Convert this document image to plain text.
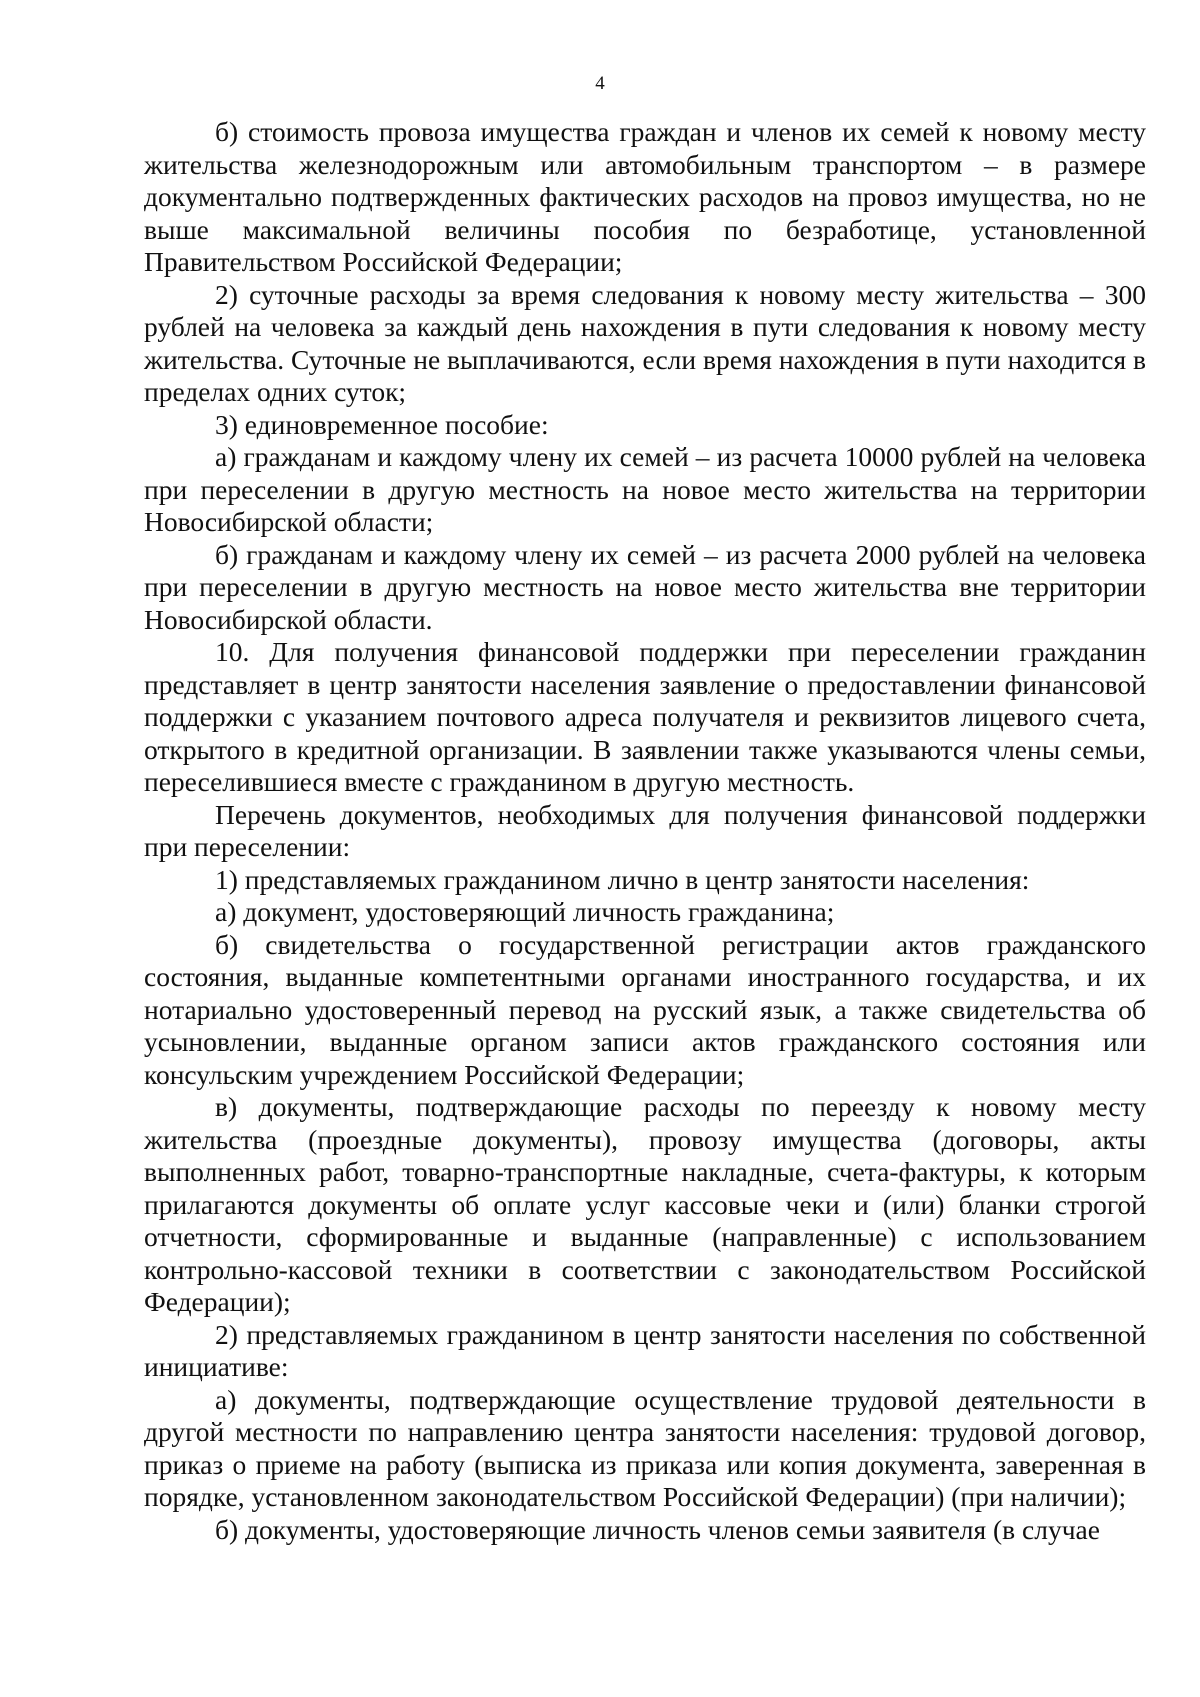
4

б) стоимость провоза имущества граждан и членов их семей к новому месту жительства железнодорожным или автомобильным транспортом – в размере документально подтвержденных фактических расходов на провоз имущества, но не выше максимальной величины пособия по безработице, установленной Правительством Российской Федерации;

2) суточные расходы за время следования к новому месту жительства – 300 рублей на человека за каждый день нахождения в пути следования к новому месту жительства. Суточные не выплачиваются, если время нахождения в пути находится в пределах одних суток;

3) единовременное пособие:

а) гражданам и каждому члену их семей – из расчета 10000 рублей на человека при переселении в другую местность на новое место жительства на территории Новосибирской области;

б) гражданам и каждому члену их семей – из расчета 2000 рублей на человека при переселении в другую местность на новое место жительства вне территории Новосибирской области.

10. Для получения финансовой поддержки при переселении гражданин представляет в центр занятости населения заявление о предоставлении финансовой поддержки с указанием почтового адреса получателя и реквизитов лицевого счета, открытого в кредитной организации. В заявлении также указываются члены семьи, переселившиеся вместе с гражданином в другую местность.

Перечень документов, необходимых для получения финансовой поддержки при переселении:

1) представляемых гражданином лично в центр занятости населения:

а) документ, удостоверяющий личность гражданина;

б) свидетельства о государственной регистрации актов гражданского состояния, выданные компетентными органами иностранного государства, и их нотариально удостоверенный перевод на русский язык, а также свидетельства об усыновлении, выданные органом записи актов гражданского состояния или консульским учреждением Российской Федерации;

в) документы, подтверждающие расходы по переезду к новому месту жительства (проездные документы), провозу имущества (договоры, акты выполненных работ, товарно-транспортные накладные, счета-фактуры, к которым прилагаются документы об оплате услуг кассовые чеки и (или) бланки строгой отчетности, сформированные и выданные (направленные) с использованием контрольно-кассовой техники в соответствии с законодательством Российской Федерации);

2) представляемых гражданином в центр занятости населения по собственной инициативе:

а) документы, подтверждающие осуществление трудовой деятельности в другой местности по направлению центра занятости населения: трудовой договор, приказ о приеме на работу (выписка из приказа или копия документа, заверенная в порядке, установленном законодательством Российской Федерации) (при наличии);

б) документы, удостоверяющие личность членов семьи заявителя (в случае
